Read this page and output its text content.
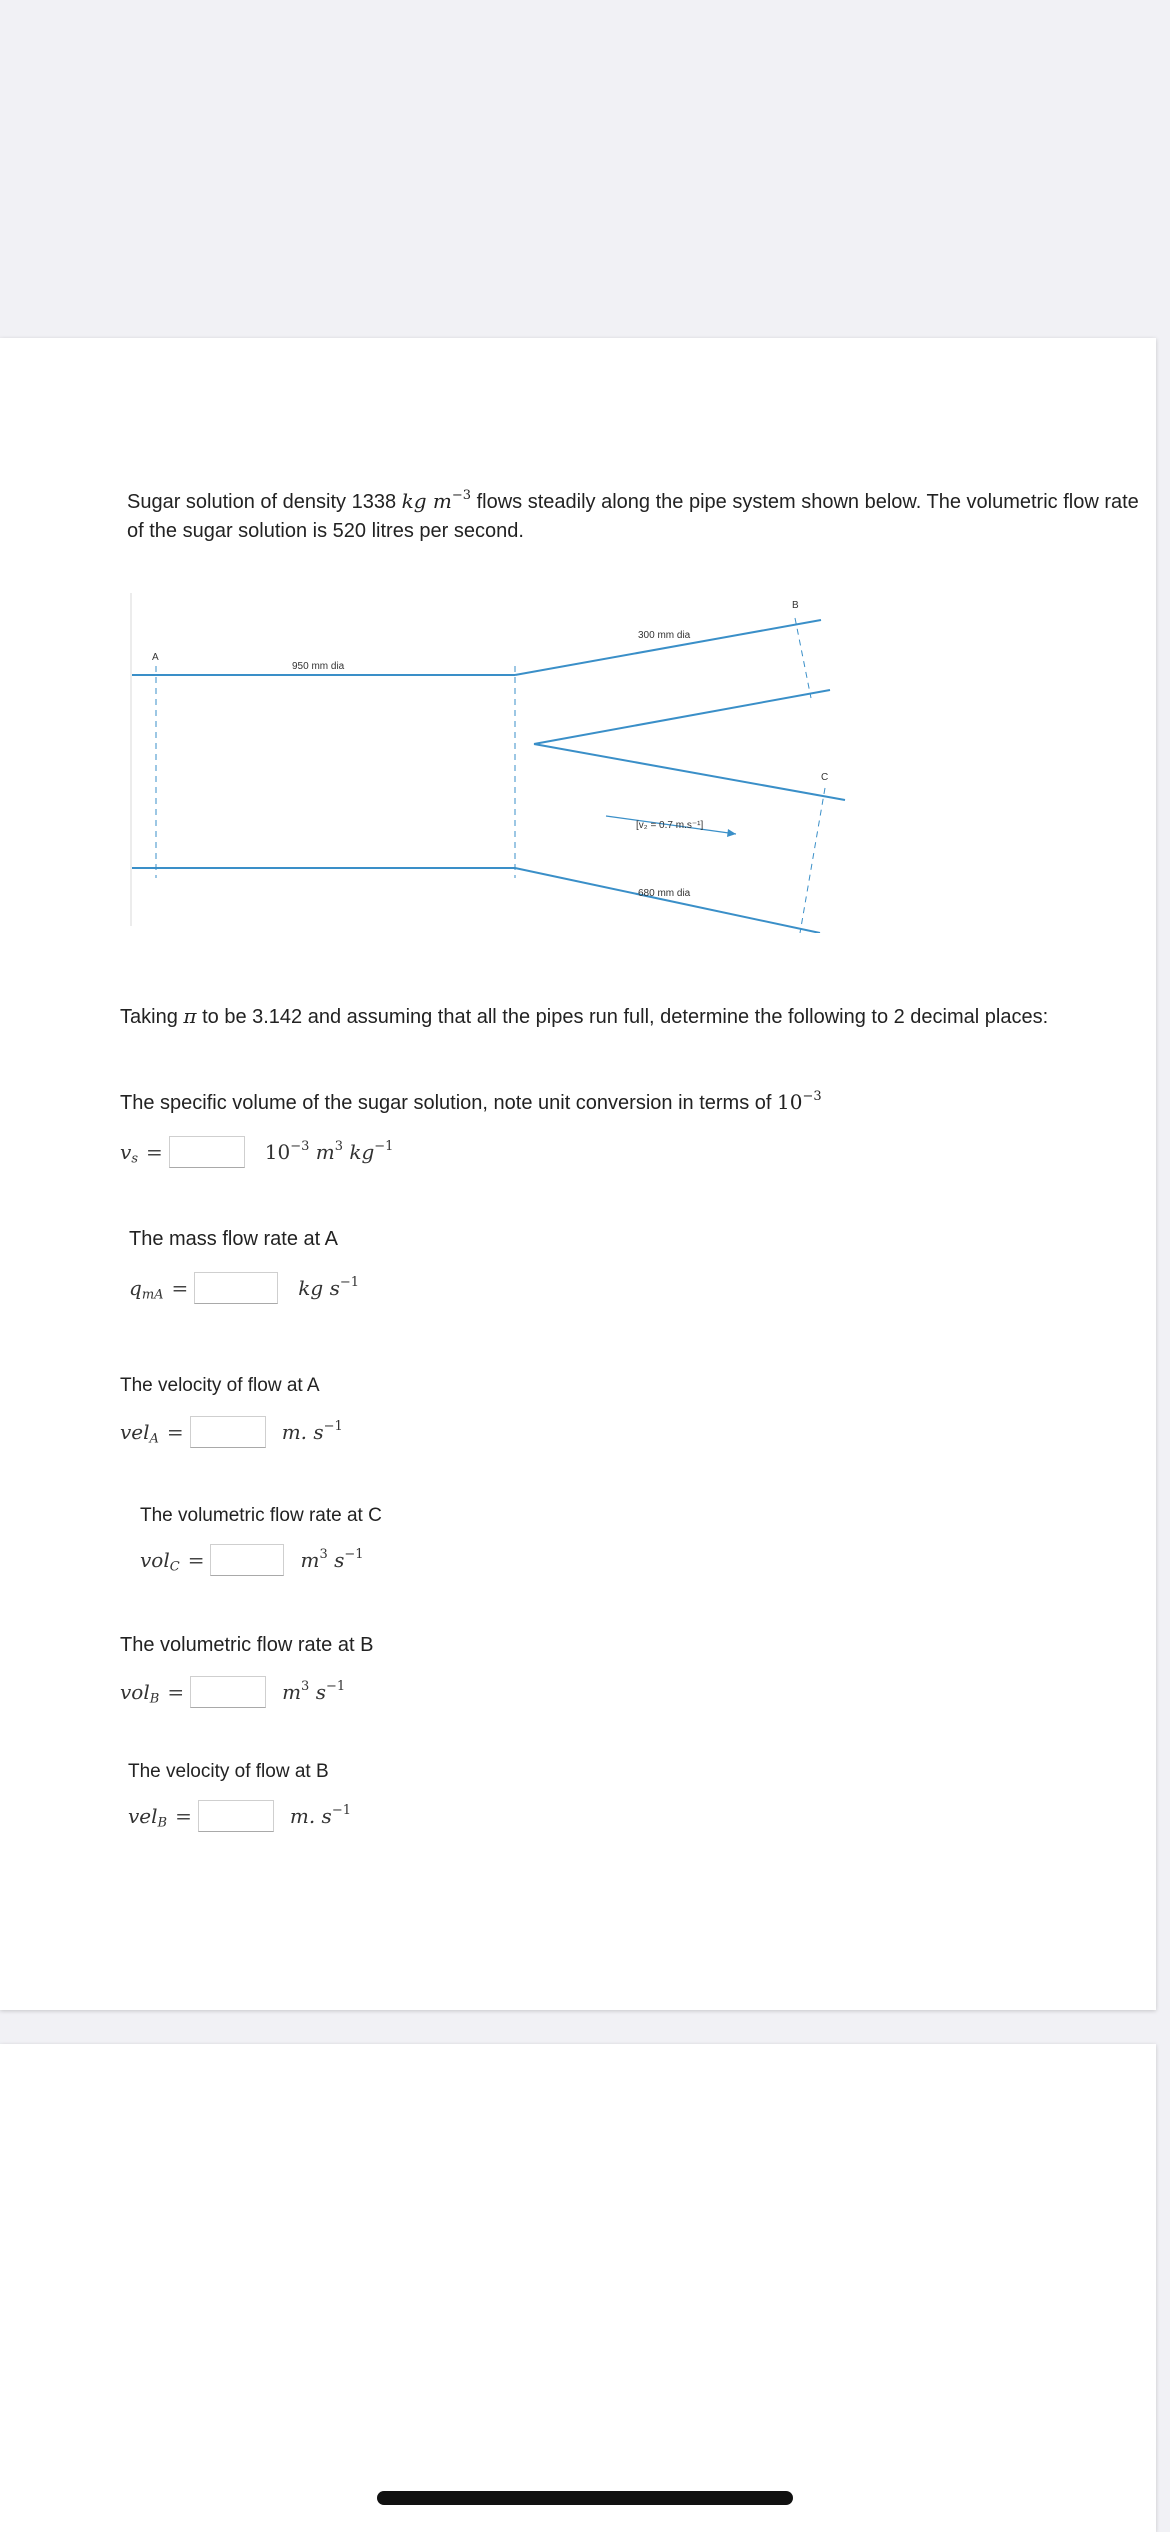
Sugar solution of density 1338 kg $m^{-3}$ flows steadily along the pipe system shown below. The volumetric flow rate of the sugar solution is 520 litres per second.

A
B
C
950 mm dia
300 mm dia
680 mm dia
[v₂ = 0.7 m.s⁻¹]
Taking π to be 3.142 and assuming that all the pipes run full, determine the following to 2 decimal places:
The specific volume of the sugar solution, note unit conversion in terms of $10^{-3}$
$v_s$ =	$10^{-3}$ $m^3$ $kg^{-1}$
The mass flow rate at A
$q_{mA}$ =	kg $s^{-1}$
The velocity of flow at A
vel$_A$ =	m. $s^{-1}$
The volumetric flow rate at C
vol$_C$ =	$m^3$ $s^{-1}$
The volumetric flow rate at B
vol$_B$ =	$m^3$ $s^{-1}$
The velocity of flow at B
vel$_B$ =	m. $s^{-1}$
